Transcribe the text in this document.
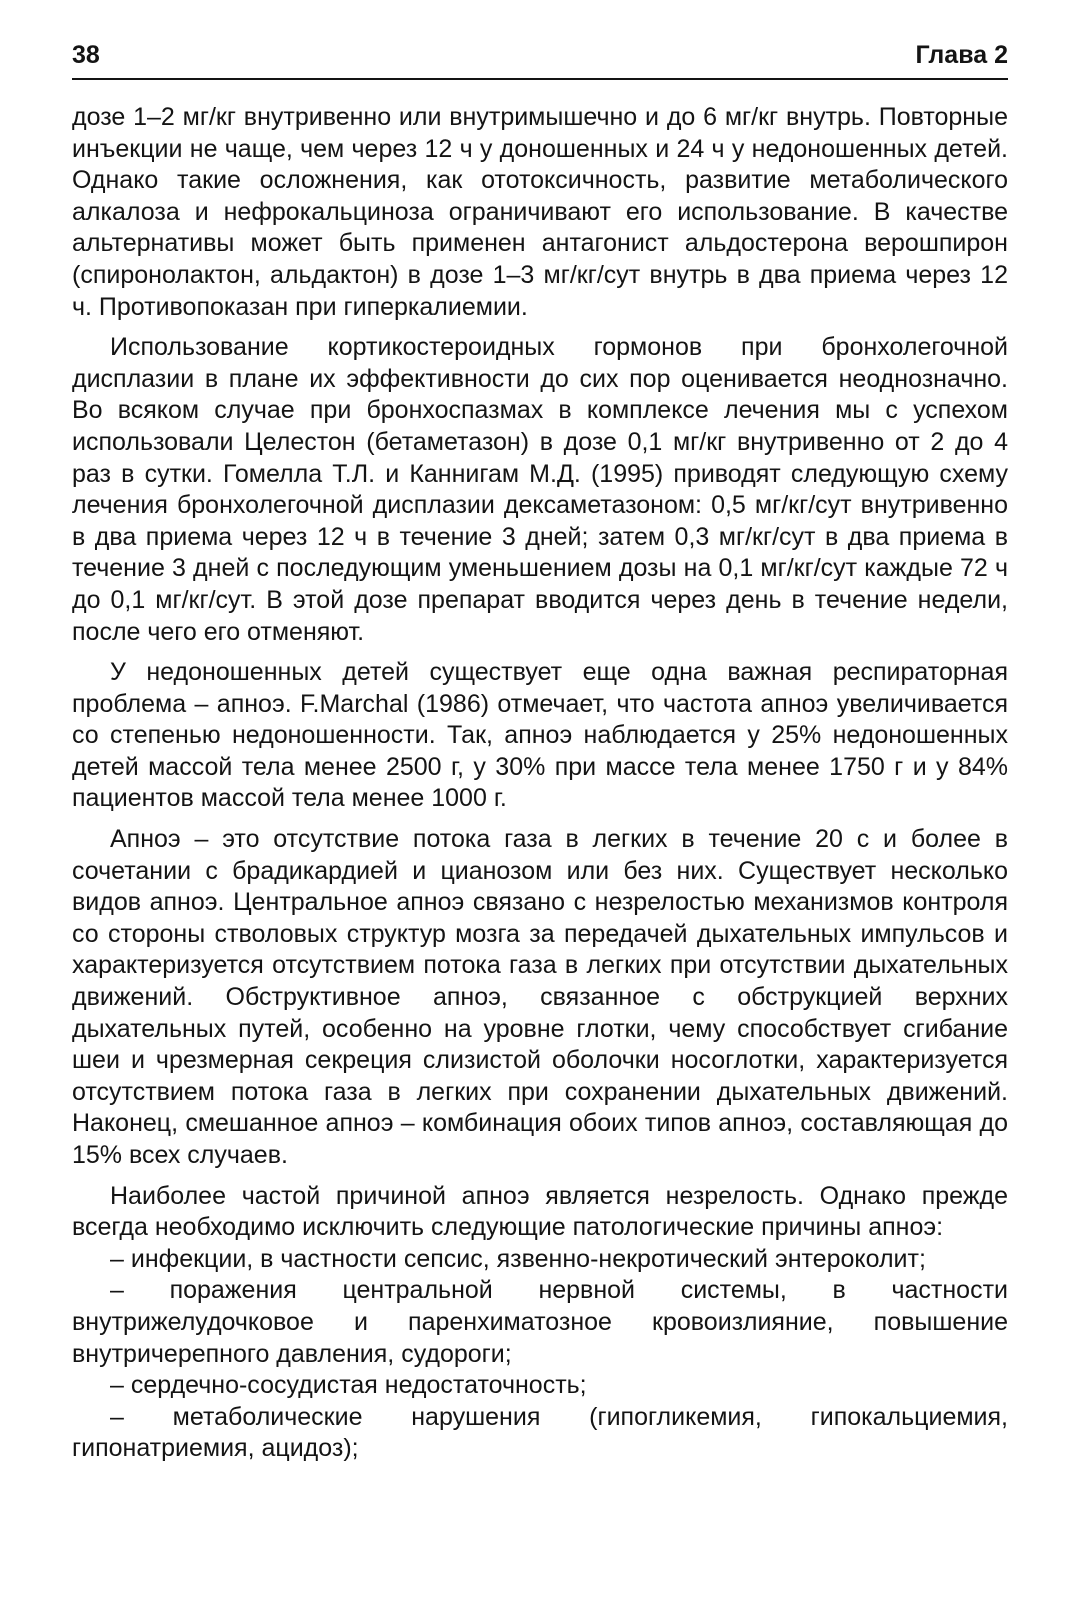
38	Глава 2

дозе 1–2 мг/кг внутривенно или внутримышечно и до 6 мг/кг внутрь. Повторные инъекции не чаще, чем через 12 ч у доношенных и 24 ч у недоношенных детей. Однако такие осложнения, как ототоксичность, развитие метаболического алкалоза и нефрокальциноза ограничивают его использование. В качестве альтернативы может быть применен антагонист альдостерона верошпирон (спиронолактон, альдактон) в дозе 1–3 мг/кг/сут внутрь в два приема через 12 ч. Противопоказан при гиперкалиемии.

Использование кортикостероидных гормонов при бронхолегочной дисплазии в плане их эффективности до сих пор оценивается неоднозначно. Во всяком случае при бронхоспазмах в комплексе лечения мы с успехом использовали Целестон (бетаметазон) в дозе 0,1 мг/кг внутривенно от 2 до 4 раз в сутки. Гомелла Т.Л. и Каннигам М.Д. (1995) приводят следующую схему лечения бронхолегочной дисплазии дексаметазоном: 0,5 мг/кг/сут внутривенно в два приема через 12 ч в течение 3 дней; затем 0,3 мг/кг/сут в два приема в течение 3 дней с последующим уменьшением дозы на 0,1 мг/кг/сут каждые 72 ч до 0,1 мг/кг/сут. В этой дозе препарат вводится через день в течение недели, после чего его отменяют.

У недоношенных детей существует еще одна важная респираторная проблема – апноэ. F.Marchal (1986) отмечает, что частота апноэ увеличивается со степенью недоношенности. Так, апноэ наблюдается у 25% недоношенных детей массой тела менее 2500 г, у 30% при массе тела менее 1750 г и у 84% пациентов массой тела менее 1000 г.

Апноэ – это отсутствие потока газа в легких в течение 20 с и более в сочетании с брадикардией и цианозом или без них. Существует несколько видов апноэ. Центральное апноэ связано с незрелостью механизмов контроля со стороны стволовых структур мозга за передачей дыхательных импульсов и характеризуется отсутствием потока газа в легких при отсутствии дыхательных движений. Обструктивное апноэ, связанное с обструкцией верхних дыхательных путей, особенно на уровне глотки, чему способствует сгибание шеи и чрезмерная секреция слизистой оболочки носоглотки, характеризуется отсутствием потока газа в легких при сохранении дыхательных движений. Наконец, смешанное апноэ – комбинация обоих типов апноэ, составляющая до 15% всех случаев.

Наиболее частой причиной апноэ является незрелость. Однако прежде всегда необходимо исключить следующие патологические причины апноэ:

– инфекции, в частности сепсис, язвенно-некротический энтероколит;

– поражения центральной нервной системы, в частности внутрижелудочковое и паренхиматозное кровоизлияние, повышение внутричерепного давления, судороги;

– сердечно-сосудистая недостаточность;

– метаболические нарушения (гипогликемия, гипокальциемия, гипонатриемия, ацидоз);
